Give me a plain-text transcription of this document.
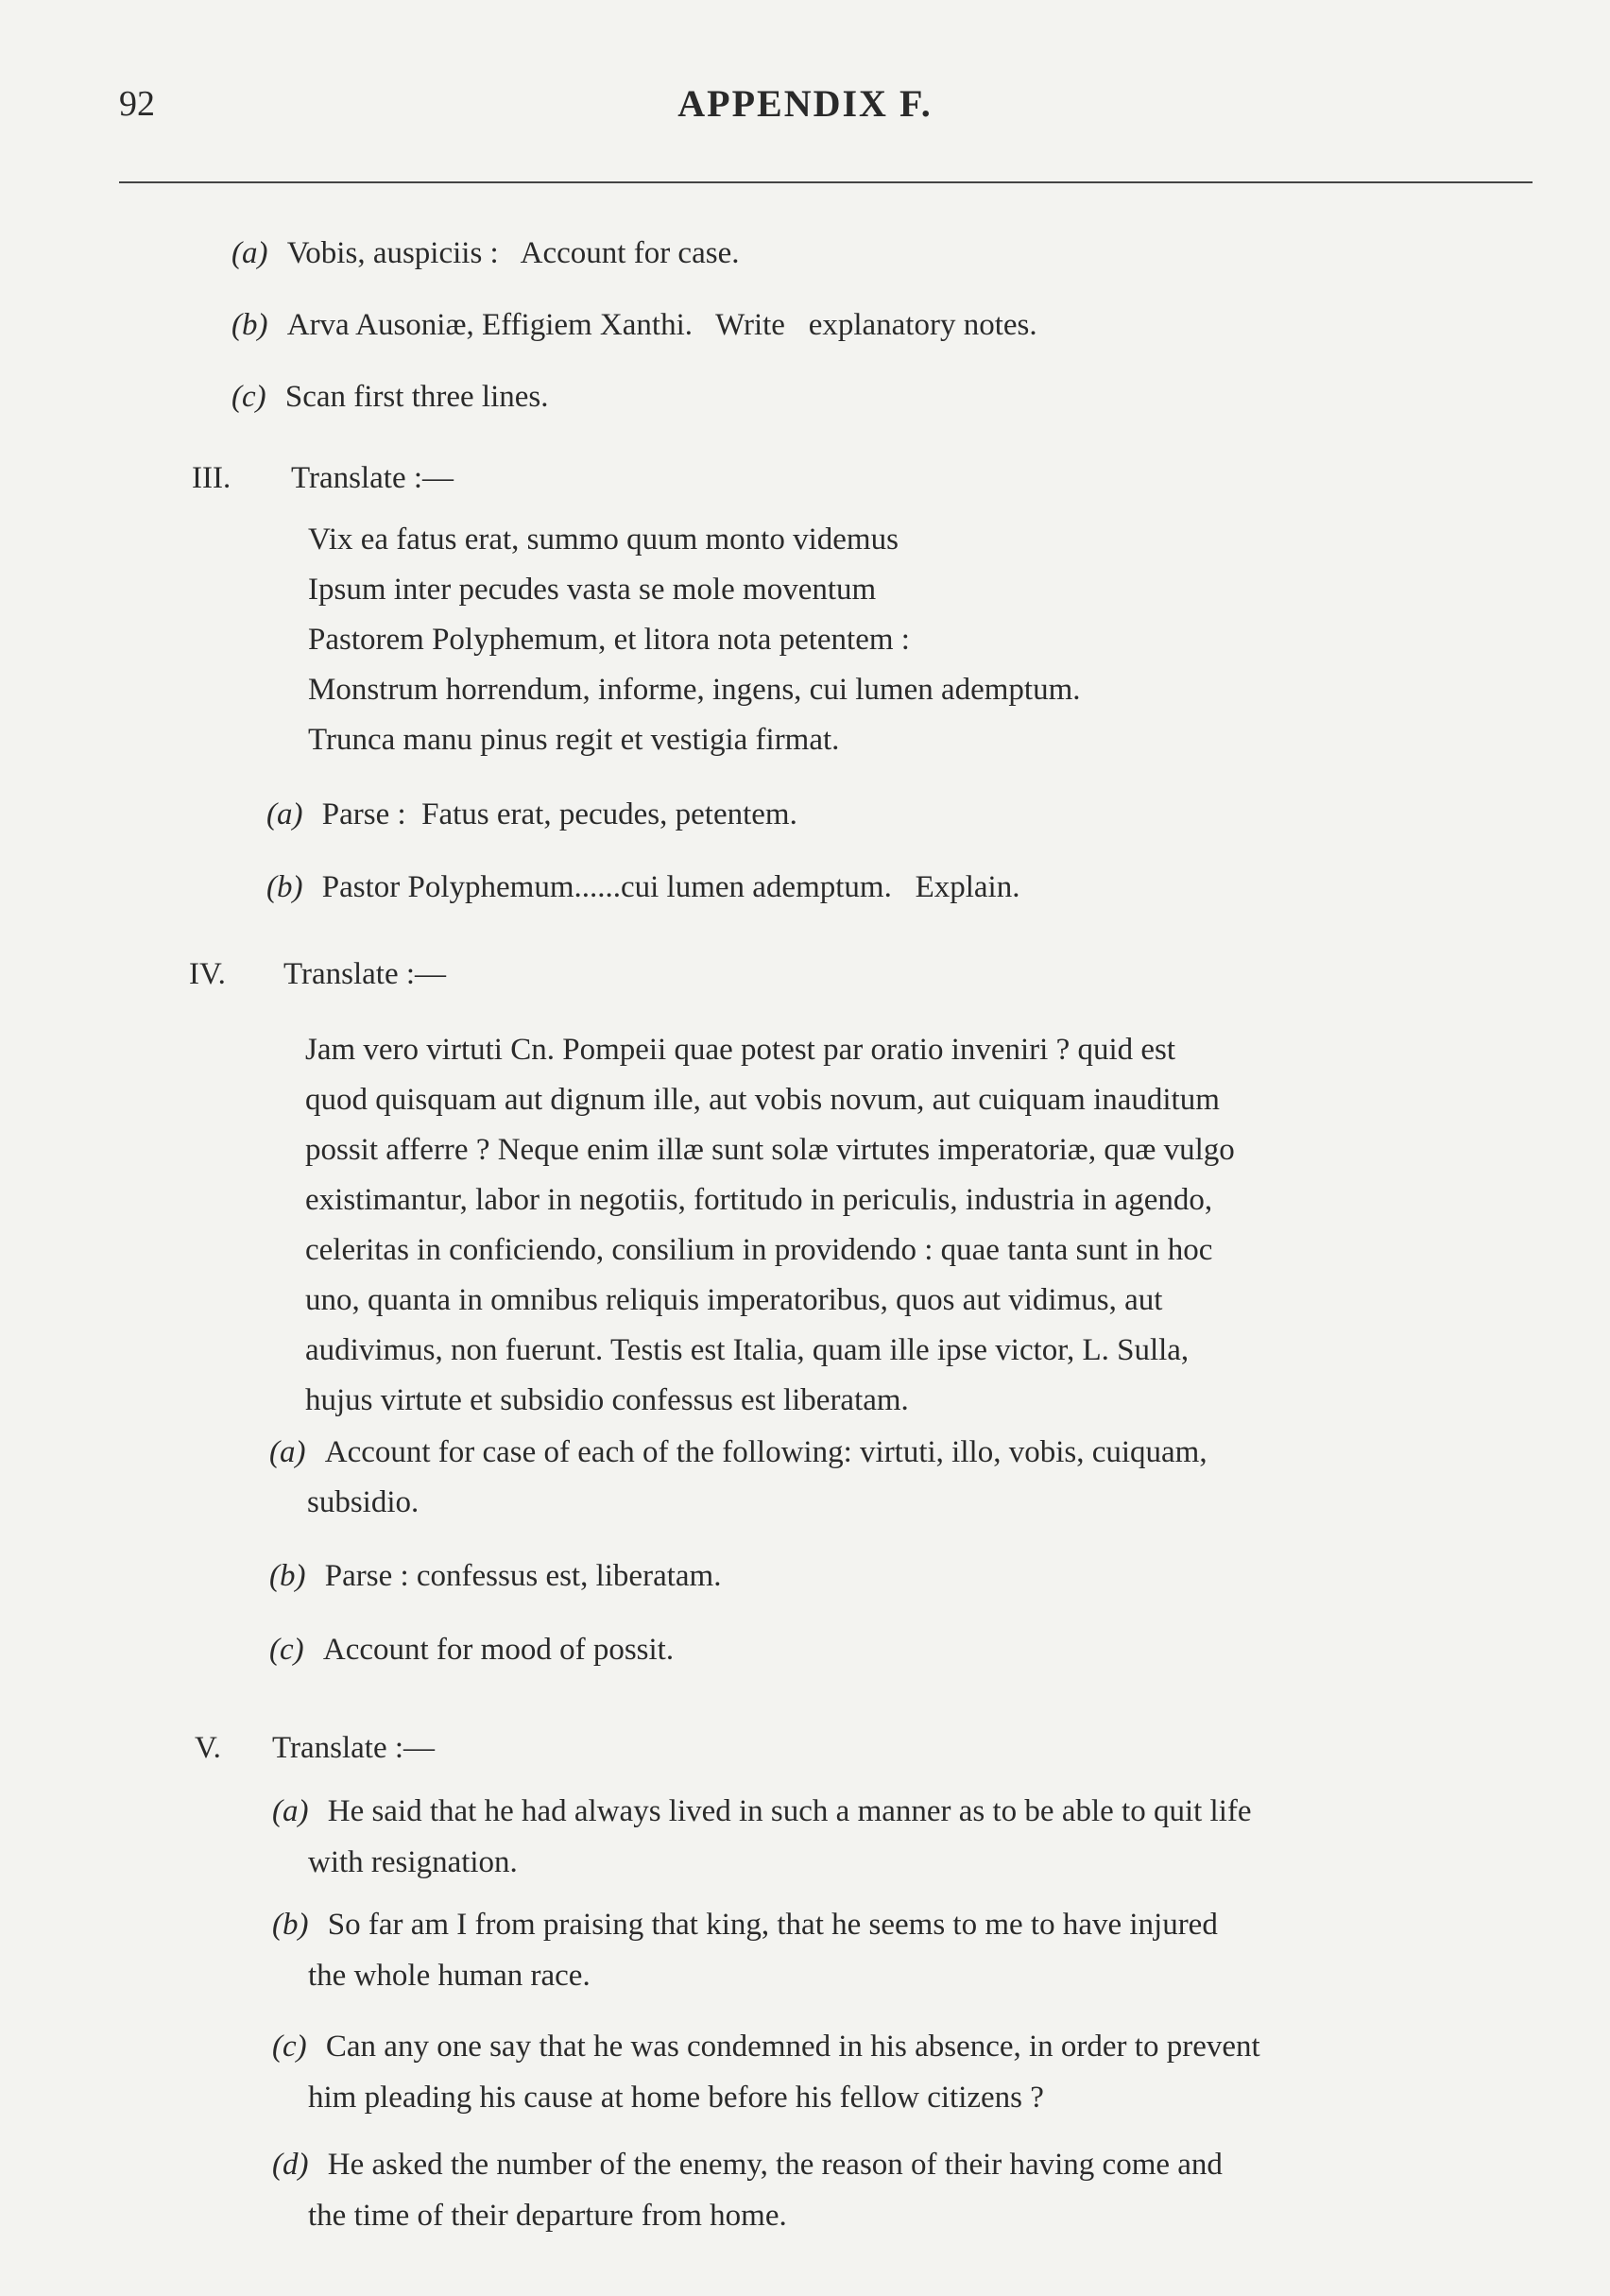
92	APPENDIX F.
(a) Vobis, auspiciis :   Account for case.
(b) Arva Ausoniæ, Effigiem Xanthi.   Write   explanatory notes.
(c) Scan first three lines.
III. Translate :—
Vix ea fatus erat, summo quum monto videmus
Ipsum inter pecudes vasta se mole moventum
Pastorem Polyphemum, et litora nota petentem :
Monstrum horrendum, informe, ingens, cui lumen ademptum.
Trunca manu pinus regit et vestigia firmat.
(a) Parse :  Fatus erat, pecudes, petentem.
(b) Pastor Polyphemum......cui lumen ademptum.   Explain.
IV. Translate :—
Jam vero virtuti Cn. Pompeii quae potest par oratio inveniri ? quid est
quod quisquam aut dignum ille, aut vobis novum, aut cuiquam inauditum
possit afferre ? Neque enim illæ sunt solæ virtutes imperatoriæ, quæ vulgo
existimantur, labor in negotiis, fortitudo in periculis, industria in agendo,
celeritas in conficiendo, consilium in providendo : quae tanta sunt in hoc
uno, quanta in omnibus reliquis imperatoribus, quos aut vidimus, aut
audivimus, non fuerunt. Testis est Italia, quam ille ipse victor, L. Sulla,
hujus virtute et subsidio confessus est liberatam.
(a) Account for case of each of the following: virtuti, illo, vobis, cuiquam,
subsidio.
(b) Parse : confessus est, liberatam.
(c) Account for mood of possit.
V. Translate :—
(a) He said that he had always lived in such a manner as to be able to quit life
with resignation.
(b) So far am I from praising that king, that he seems to me to have injured
the whole human race.
(c) Can any one say that he was condemned in his absence, in order to prevent
him pleading his cause at home before his fellow citizens ?
(d) He asked the number of the enemy, the reason of their having come and
the time of their departure from home.
